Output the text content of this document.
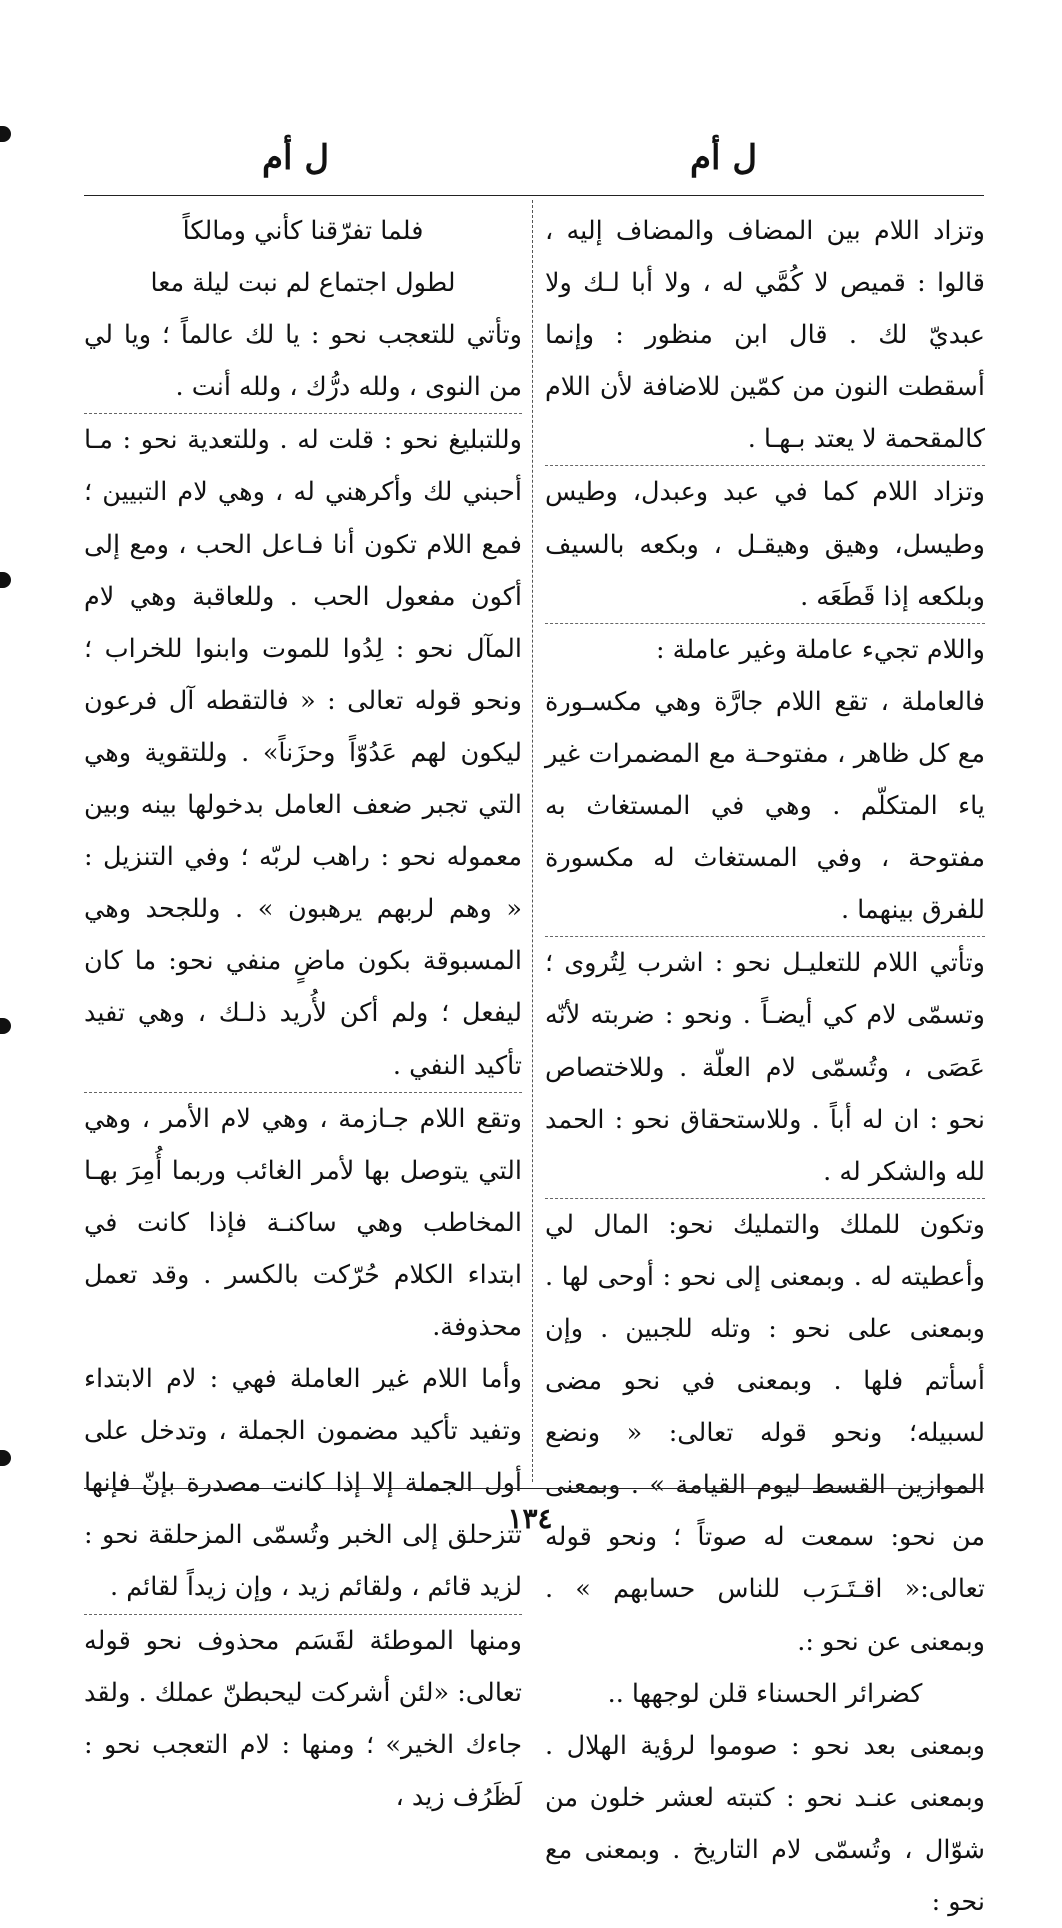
ل أم
ل أم

وتزاد اللام بين المضاف والمضاف إليه ، قالوا : قميص لا كُمَّي له ، ولا أبا لـك ولا عبديّ لك . قال ابن منظور : وإنما أسقطت النون من كمّين للاضافة لأن اللام كالمقحمة لا يعتد بـهـا .

وتزاد اللام كما في عبد وعبدل، وطيس وطيسل، وهيق وهيقـل ، وبكعه بالسيف وبلكعه إذا قَطَعَه .

واللام تجيء عاملة وغير عاملة :

فالعاملة ، تقع اللام جارَّة وهي مكسـورة مع كل ظاهر ، مفتوحـة مع المضمرات غير ياء المتكلّم . وهي في المستغاث به مفتوحة ، وفي المستغاث له مكسورة للفرق بينهما .

وتأتي اللام للتعليـل نحو : اشرب لِتُروى ؛ وتسمّى لام كي أيضـاً . ونحو : ضربته لأنّه عَصَى ، وتُسمّى لام العلّة . وللاختصاص نحو : ان له أباً . وللاستحقاق نحو : الحمد لله والشكر له .

وتكون للملك والتمليك نحو: المال لي وأعطيته له . وبمعنى إلى نحو : أوحى لها . وبمعنى على نحو : وتله للجبين . وإن أسأتم فلها . وبمعنى في نحو مضى لسبيله؛ ونحو قوله تعالى: « ونضع الموازين القسط ليوم القيامة » . وبمعنى من نحو: سمعت له صوتاً ؛ ونحو قوله تعالى:« اقـتَـرَب للناس حسابهم » . وبمعنى عن نحو :.

كضرائر الحسناء قلن لوجهها ..

وبمعنى بعد نحو : صوموا لرؤية الهلال . وبمعنى عنـد نحو : كتبته لعشر خلون من شوّال ، وتُسمّى لام التاريخ . وبمعنى مع نحو :

فلما تفرّقنا كأني ومالكاً

لطول اجتماع لم نبت ليلة معا

وتأتي للتعجب نحو : يا لك عالماً ؛ ويا لي من النوى ، ولله درُّك ، ولله أنت .

وللتبليغ نحو : قلت له . وللتعدية نحو : مـا أحبني لك وأكرهني له ، وهي لام التبيين ؛ فمع اللام تكون أنا فـاعل الحب ، ومع إلى أكون مفعول الحب . وللعاقبة وهي لام المآل نحو : لِدُوا للموت وابنوا للخراب ؛ ونحو قوله تعالى : « فالتقطه آل فرعون ليكون لهم عَدُوّاً وحزَناً» . وللتقوية وهي التي تجبر ضعف العامل بدخولها بينه وبين معموله نحو : راهب لربّه ؛ وفي التنزيل : « وهم لربهم يرهبون » . وللجحد وهي المسبوقة بكون ماضٍ منفي نحو: ما كان ليفعل ؛ ولم أكن لأُريد ذلـك ، وهي تفيد تأكيد النفي .

وتقع اللام جـازمة ، وهي لام الأمر ، وهي التي يتوصل بها لأمر الغائب وربما أُمِرَ بهـا المخاطب وهي ساكنـة فإذا كانت في ابتداء الكلام حُرّكت بالكسر . وقد تعمل محذوفة.

وأما اللام غير العاملة فهي : لام الابتداء وتفيد تأكيد مضمون الجملة ، وتدخل على أول الجملة إلا إذا كانت مصدرة بإنّ فإنها تتزحلق إلى الخبر وتُسمّى المزحلقة نحو : لزيد قائم ، ولقائم زيد ، وإن زيداً لقائم .

ومنها الموطئة لقَسَم محذوف نحو قوله تعالى: «لئن أشركت ليحبطنّ عملك . ولقد جاءك الخير» ؛ ومنها : لام التعجب نحو : لَظَرُف زيد ،

١٣٤
